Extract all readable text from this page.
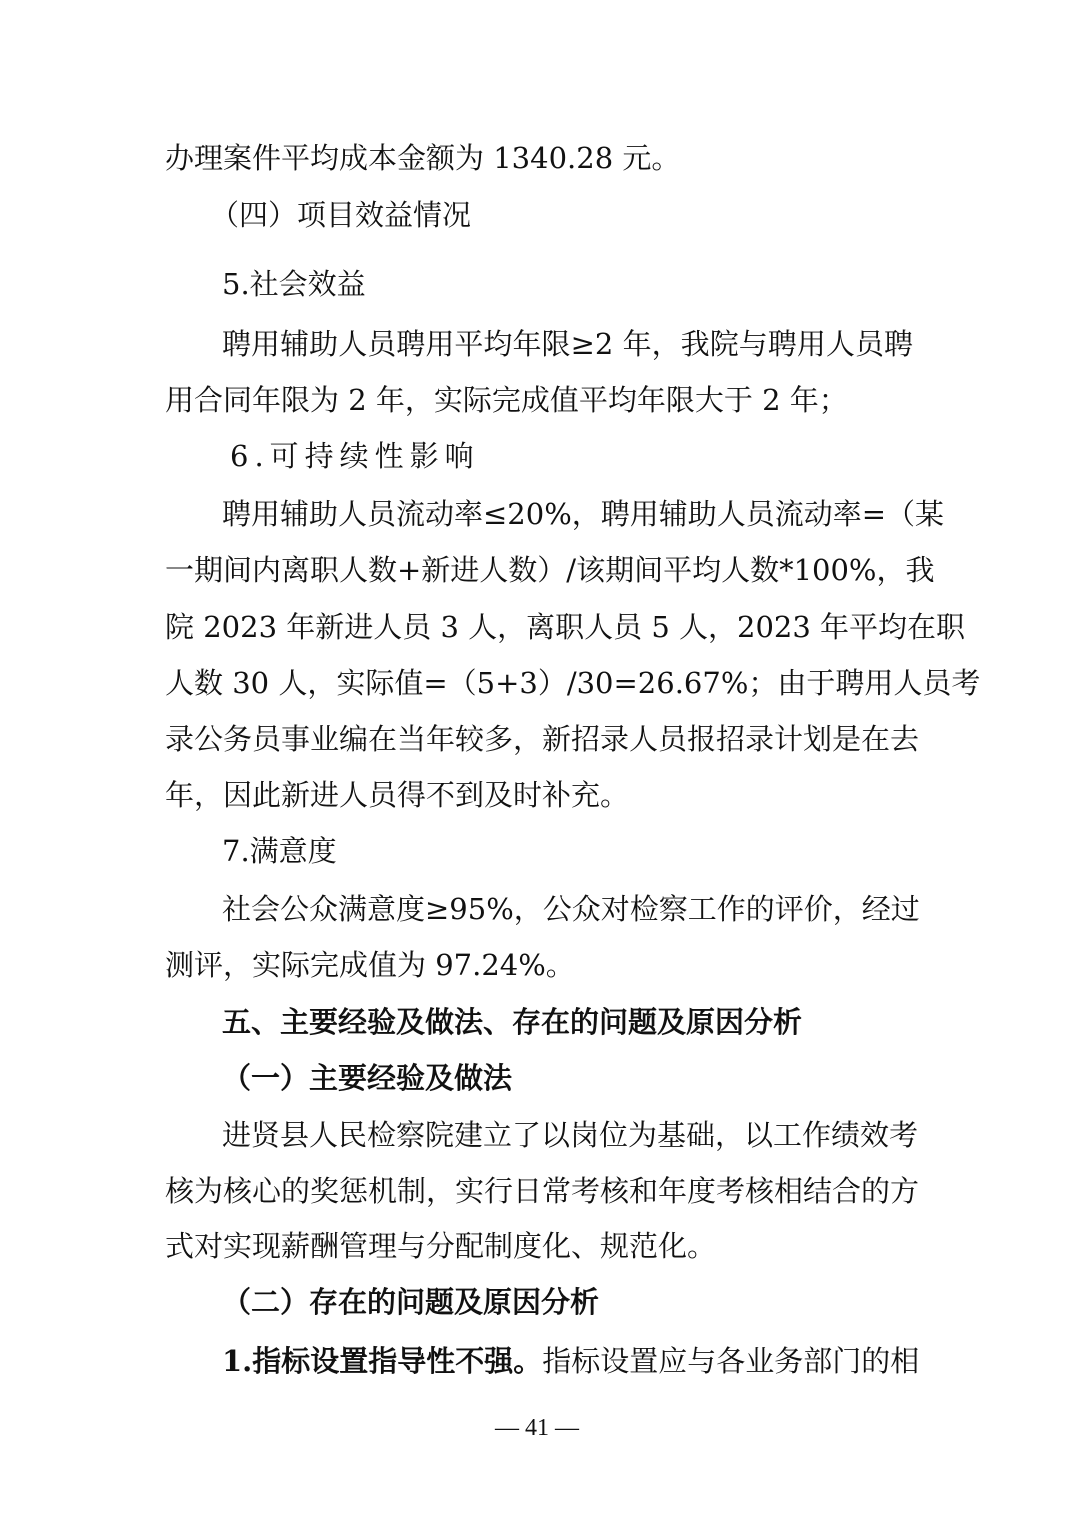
办理案件平均成本金额为 1340.28 元。

（四）项目效益情况

5.社会效益

聘用辅助人员聘用平均年限≥2 年，我院与聘用人员聘

用合同年限为 2 年，实际完成值平均年限大于 2 年；

6.可持续性影响

聘用辅助人员流动率≤20%，聘用辅助人员流动率=（某

一期间内离职人数+新进人数）/该期间平均人数*100%，我

院 2023 年新进人员 3 人，离职人员 5 人，2023 年平均在职

人数 30 人，实际值=（5+3）/30=26.67%；由于聘用人员考

录公务员事业编在当年较多，新招录人员报招录计划是在去

年，因此新进人员得不到及时补充。

7.满意度

社会公众满意度≥95%，公众对检察工作的评价，经过

测评，实际完成值为 97.24%。

五、主要经验及做法、存在的问题及原因分析

（一）主要经验及做法

进贤县人民检察院建立了以岗位为基础，以工作绩效考

核为核心的奖惩机制，实行日常考核和年度考核相结合的方

式对实现薪酬管理与分配制度化、规范化。

（二）存在的问题及原因分析

1.指标设置指导性不强。指标设置应与各业务部门的相

— 41 —
